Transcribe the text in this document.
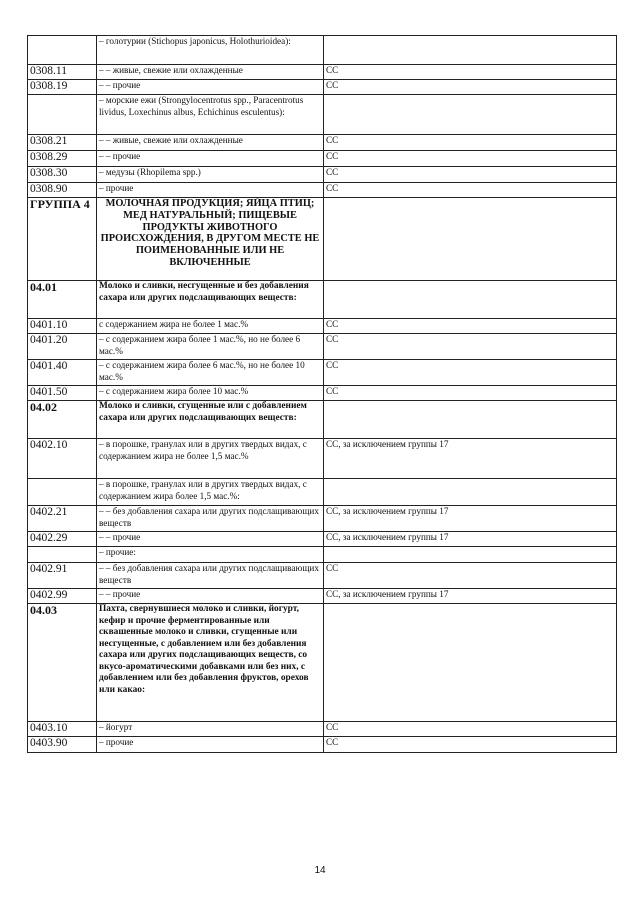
	– голотурии (Stichopus japonicus, Holothurioidea):	
0308.11	– – живые, свежие или охлажденные	СС
0308.19	– – прочие	СС
	– морские ежи (Strongylocentrotus spp., Paracentrotus lividus, Loxechinus albus, Echichinus esculentus):	
0308.21	– – живые, свежие или охлажденные	СС
0308.29	– – прочие	СС
0308.30	– медузы (Rhopilema spp.)	СС
0308.90	– прочие	СС
ГРУППА 4	МОЛОЧНАЯ ПРОДУКЦИЯ; ЯЙЦА ПТИЦ; МЕД НАТУРАЛЬНЫЙ; ПИЩЕВЫЕ ПРОДУКТЫ ЖИВОТНОГО ПРОИСХОЖДЕНИЯ, В ДРУГОМ МЕСТЕ НЕ ПОИМЕНОВАННЫЕ ИЛИ НЕ ВКЛЮЧЕННЫЕ	
04.01	Молоко и сливки, несгущенные и без добавления сахара или других подслащивающих веществ:	
0401.10	с содержанием жира не более 1 мас.%	СС
0401.20	– с содержанием жира более 1 мас.%, но не более 6 мас.%	СС
0401.40	– с содержанием жира более 6 мас.%, но не более 10 мас.%	СС
0401.50	– с содержанием жира более 10 мас.%	СС
04.02	Молоко и сливки, сгущенные или с добавлением сахара или других подслащивающих веществ:	
0402.10	– в порошке, гранулах или в других твердых видах, с содержанием жира не более 1,5 мас.%	СС, за исключением группы 17
	– в порошке, гранулах или в других твердых видах, с содержанием жира более 1,5 мас.%:	
0402.21	– – без добавления сахара или других подслащивающих веществ	СС, за исключением группы 17
0402.29	– – прочие	СС, за исключением группы 17
	– прочие:	
0402.91	– – без добавления сахара или других подслащивающих веществ	СС
0402.99	– – прочие	СС, за исключением группы 17
04.03	Пахта, свернувшиеся молоко и сливки, йогурт, кефир и прочие ферментированные или сквашенные молоко и сливки, сгущенные или несгущенные, с добавлением или без добавления сахара или других подслащивающих веществ, со вкусо-ароматическими добавками или без них, с добавлением или без добавления фруктов, орехов или какао:	
0403.10	– йогурт	СС
0403.90	– прочие	СС
14
